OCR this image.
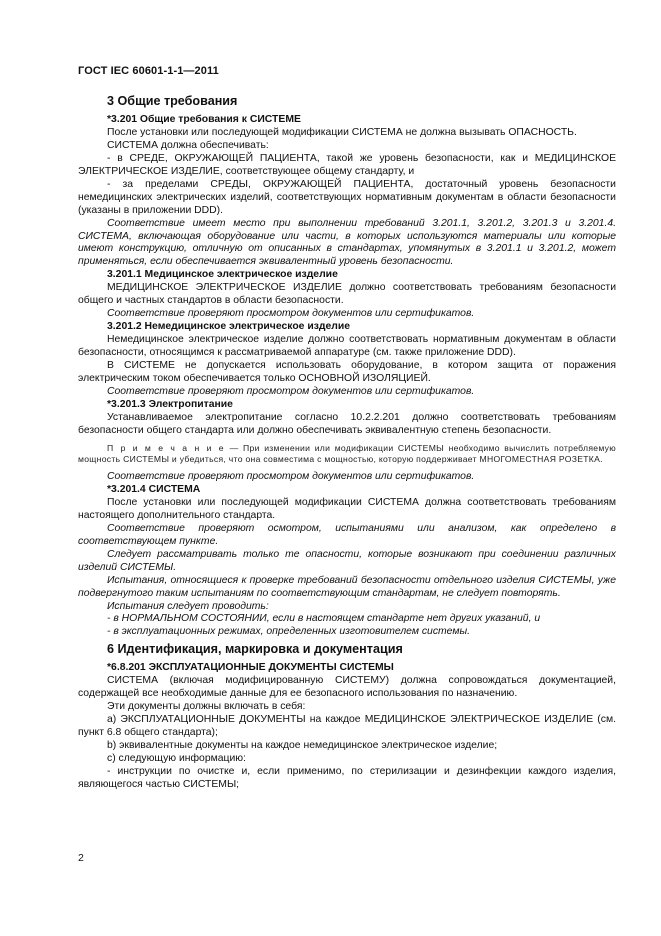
ГОСТ IEC 60601-1-1—2011
3 Общие требования
*3.201 Общие требования к СИСТЕМЕ

После установки или последующей модификации СИСТЕМА не должна вызывать ОПАСНОСТЬ.

СИСТЕМА должна обеспечивать:

- в СРЕДЕ, ОКРУЖАЮЩЕЙ ПАЦИЕНТА, такой же уровень безопасности, как и МЕДИЦИНСКОЕ ЭЛЕКТРИЧЕСКОЕ ИЗДЕЛИЕ, соответствующее общему стандарту, и

- за пределами СРЕДЫ, ОКРУЖАЮЩЕЙ ПАЦИЕНТА, достаточный уровень безопасности немедицинских электрических изделий, соответствующих нормативным документам в области безопасности (указаны в приложении DDD).

Соответствие имеет место при выполнении требований 3.201.1, 3.201.2, 3.201.3 и 3.201.4. СИСТЕМА, включающая оборудование или части, в которых используются материалы или которые имеют конструкцию, отличную от описанных в стандартах, упомянутых в 3.201.1 и 3.201.2, может применяться, если обеспечивается эквивалентный уровень безопасности.

3.201.1 Медицинское электрическое изделие

МЕДИЦИНСКОЕ ЭЛЕКТРИЧЕСКОЕ ИЗДЕЛИЕ должно соответствовать требованиям безопасности общего и частных стандартов в области безопасности.

Соответствие проверяют просмотром документов или сертификатов.

3.201.2 Немедицинское электрическое изделие

Немедицинское электрическое изделие должно соответствовать нормативным документам в области безопасности, относящимся к рассматриваемой аппаратуре (см. также приложение DDD).

В СИСТЕМЕ не допускается использовать оборудование, в котором защита от поражения электрическим током обеспечивается только ОСНОВНОЙ ИЗОЛЯЦИЕЙ.

Соответствие проверяют просмотром документов или сертификатов.

*3.201.3 Электропитание

Устанавливаемое электропитание согласно 10.2.2.201 должно соответствовать требованиям безопасности общего стандарта или должно обеспечивать эквивалентную степень безопасности.

П р и м е ч а н и е — При изменении или модификации СИСТЕМЫ необходимо вычислить потребляемую мощность СИСТЕМЫ и убедиться, что она совместима с мощностью, которую поддерживает МНОГОМЕСТНАЯ РОЗЕТКА.

Соответствие проверяют просмотром документов или сертификатов.

*3.201.4 СИСТЕМА

После установки или последующей модификации СИСТЕМА должна соответствовать требованиям настоящего дополнительного стандарта.

Соответствие проверяют осмотром, испытаниями или анализом, как определено в соответствующем пункте.

Следует рассматривать только те опасности, которые возникают при соединении различных изделий СИСТЕМЫ.

Испытания, относящиеся к проверке требований безопасности отдельного изделия СИСТЕМЫ, уже подвергнутого таким испытаниям по соответствующим стандартам, не следует повторять.

Испытания следует проводить:

- в НОРМАЛЬНОМ СОСТОЯНИИ, если в настоящем стандарте нет других указаний, и

- в эксплуатационных режимах, определенных изготовителем системы.

6 Идентификация, маркировка и документация
*6.8.201 ЭКСПЛУАТАЦИОННЫЕ ДОКУМЕНТЫ СИСТЕМЫ

СИСТЕМА (включая модифицированную СИСТЕМУ) должна сопровождаться документацией, содержащей все необходимые данные для ее безопасного использования по назначению.

Эти документы должны включать в себя:

a) ЭКСПЛУАТАЦИОННЫЕ ДОКУМЕНТЫ на каждое МЕДИЦИНСКОЕ ЭЛЕКТРИЧЕСКОЕ ИЗДЕЛИЕ (см. пункт 6.8 общего стандарта);

b) эквивалентные документы на каждое немедицинское электрическое изделие;

c) следующую информацию:

- инструкции по очистке и, если применимо, по стерилизации и дезинфекции каждого изделия, являющегося частью СИСТЕМЫ;

2
